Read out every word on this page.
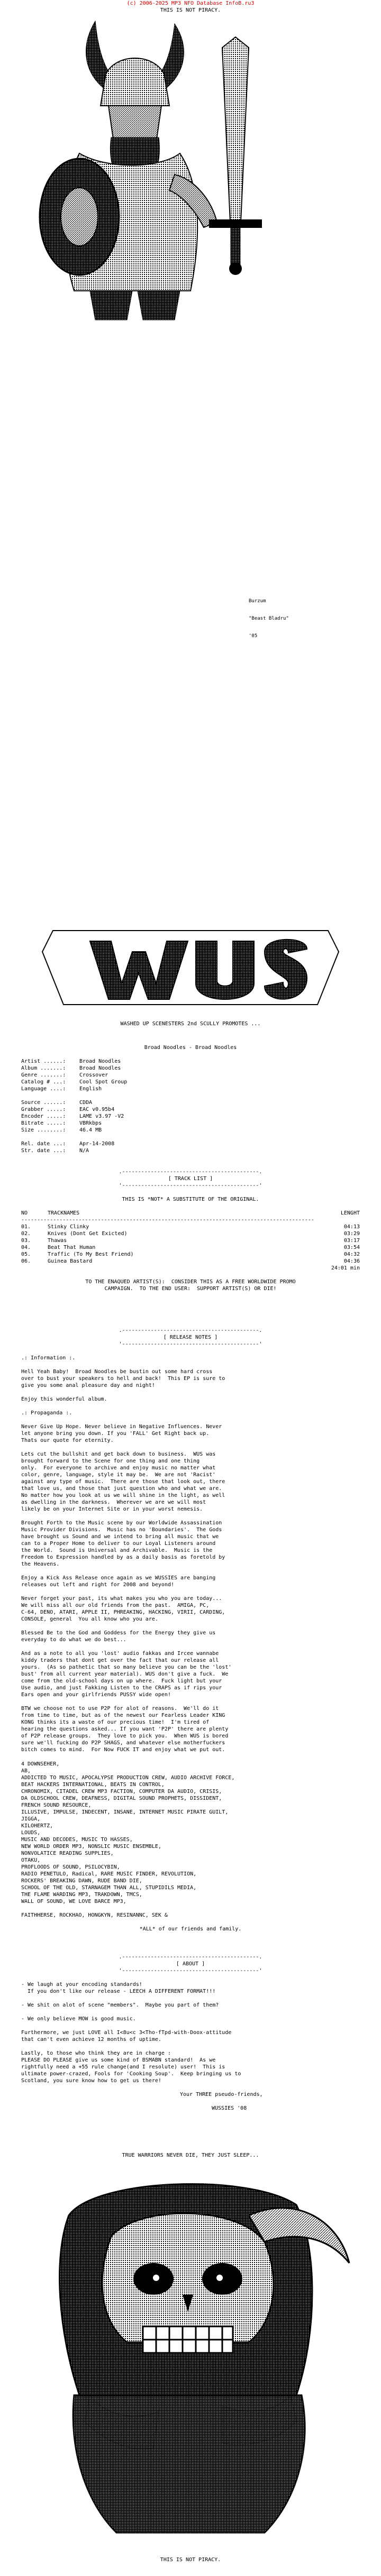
(c) 2006-2025 MP3 NFO Database InfoB.ru3
THIS IS NOT PIRACY.

Burzum

"Beast Bladru"

'05

WASHED UP SCENESTERS 2nd SCULLY PROMOTES ...
Broad Noodles - Broad Noodles

Artist ......:	Broad Noodles
Album .......:	Broad Noodles
Genre .......:	Crossover
Catalog # ...:	Cool Spot Group
Language ....:	English

Source ......:	CDDA
Grabber .....:	EAC v0.95b4
Encoder .....:	LAME v3.97 -V2
Bitrate .....:	VBRkbps
Size ........:	46.4 MB

Rel. date ...:	Apr-14-2008
Str. date ...:	N/A
.-------------------------------------------.
[ TRACK LIST ]
'-------------------------------------------'

THIS IS *NOT* A SUBSTITUTE OF THE ORIGINAL.

NO	TRACKNAMES	LENGHT
--------------------------------------------------------------------------------------------
01.	Stinky Clinky	04:13
02.	Knives (Dont Get Exicted)	03:29
03.	Thawas	03:17
04.	Beat That Human	03:54
05.	Traffic (To My Best Friend)	04:32
06.	Guinea Bastard	04:36
24:01 min

TO THE ENAQUED ARTIST(S):  CONSIDER THIS AS A FREE WORLDWIDE PROMO
CAMPAIGN.  TO THE END USER:  SUPPORT ARTIST(S) OR DIE!
.-------------------------------------------.
[ RELEASE NOTES ]
'-------------------------------------------'

.: Information :.

Hell Yeah Baby!  Broad Noodles be bustin out some hard cross
over to bust your speakers to hell and back!  This EP is sure to
give you some anal pleasure day and night!

Enjoy this wonderful album.

.: Propaganda :.

Never Give Up Hope. Never believe in Negative Influences. Never
let anyone bring you down. If you 'FALL' Get Right back up.
Thats our quote for eternity.

Lets cut the bullshit and get back down to business.  WUS was
brought forward to the Scene for one thing and one thing
only.  For everyone to archive and enjoy music no matter what
color, genre, language, style it may be.  We are not 'Racist'
against any type of music.  There are those that look out, there
that love us, and those that just question who and what we are.
No matter how you look at us we will shine in the light, as well
as dwelling in the darkness.  Wherever we are we will most
likely be on your Internet Site or in your worst nemesis.

Brought Forth to the Music scene by our Worldwide Assassination
Music Provider Divisions.  Music has no 'Boundaries'.  The Gods
have brought us Sound and we intend to bring all music that we
can to a Proper Home to deliver to our Loyal Listeners around
the World.  Sound is Universal and Archivable.  Music is the
Freedom to Expression handled by as a daily basis as foretold by
the Heavens.

Enjoy a Kick Ass Release once again as we WUSSIES are banging
releases out left and right for 2008 and beyond!

Never forget your past, its what makes you who you are today...
We will miss all our old friends from the past.  AMIGA, PC,
C-64, DENO, ATARI, APPLE II, PHREAKING, HACKING, VIRII, CARDING,
CONSOLE, general  You all know who you are.

Blessed Be to the God and Goddess for the Energy they give us
everyday to do what we do best...

And as a note to all you 'lost' audio fakkas and Ircee wannabe
kiddy traders that dont get over the fact that our release all
yours.  (As so pathetic that so many believe you can be the 'lost'
bust' from all current year material). WUS don't give a fuck.  We
come from the old-school days on up where.  Fuck light but your
Use audio, and just Fakking Listen to the CRAPS as if rips your
Ears open and your girlfriends PUSSY wide open!

BTW we choose not to use P2P for alot of reasons.  We'll do it
from time to time, but as of the newest our Fearless Leader KING
KONG thinks its a waste of our precious time!  I'm tired of
hearing the questions asked... If you want 'P2P' there are plenty
of P2P release groups.  They love to pick you.  When WUS is bored
sure we'll fucking do P2P SHAGS, and whatever else motherfuckers
bitch comes to mind.  For Now FUCK IT and enjoy what we put out.
4 DOWNSEHER,
AB,
ADDICTED TO MUSIC, APOCALYPSE PRODUCTION CREW, AUDIO ARCHIVE FORCE,
BEAT HACKERS INTERNATIONAL, BEATS IN CONTROL,
CHRONOMIX, CITADEL CREW MP3 FACTION, COMPUTER DA AUDIO, CRISIS,
DA OLDSCHOOL CREW, DEAFNESS, DIGITAL SOUND PROPHETS, DISSIDENT,
FRENCH SOUND RESOURCE,
ILLUSIVE, IMPULSE, INDECENT, INSANE, INTERNET MUSIC PIRATE GUILT,
JIGGA,
KILOHERTZ,
LOUDS,
MUSIC AND DECODES, MUSIC TO HASSES,
NEW WORLD ORDER MP3, NONSLIC MUSIC ENSEMBLE,
NONVOLATICE READING SUPPLIES,
OTAKU,
PROFLOODS OF SOUND, PSILOCYBIN,
RADIO PENETULO, Radical, RARE MUSIC FINDER, REVOLUTION,
ROCKERS' BREAKING DAWN, RUDE BAND DIE,
SCHOOL OF THE OLD, STARNAGEM THAN ALL, STUPIDILS MEDIA,
THE FLAME WARDING MP3, TRAKDOWN, TMCS,
WALL OF SOUND, WE LOVE BARCE MP3,

FAITHHERSE, ROCKHAO, HONGKYN, RESINANNC, SEK &

*ALL* of our friends and family.
.-------------------------------------------.
[ ABOUT ]
'-------------------------------------------'

- We laugh at your encoding standards!
If you don't like our release - LEECH A DIFFERENT FORMAT!!!

- We shit on alot of scene "members".  Maybe you part of them?

- We only believe MOW is good music.

Furthermore, we just LOVE all I<8u<c 3<Tho-fTpd-with-Doox-attitude
that can't even achieve 12 months of uptime.

Lastly, to those who think they are in charge :
PLEASE DO PLEASE give us some kind of BSMABN standard!  As we
rightfully need a +55 rule change(and I resolute) user!  This is
ultimate power-crazed, Fools for 'Cooking Soup'.  Keep bringing us to
Scotland, you sure know how to get us there!

Your THREE pseudo-friends,

WUSSIES '08
TRUE WARRIORS NEVER DIE, THEY JUST SLEEP...
THIS IS NOT PIRACY.
